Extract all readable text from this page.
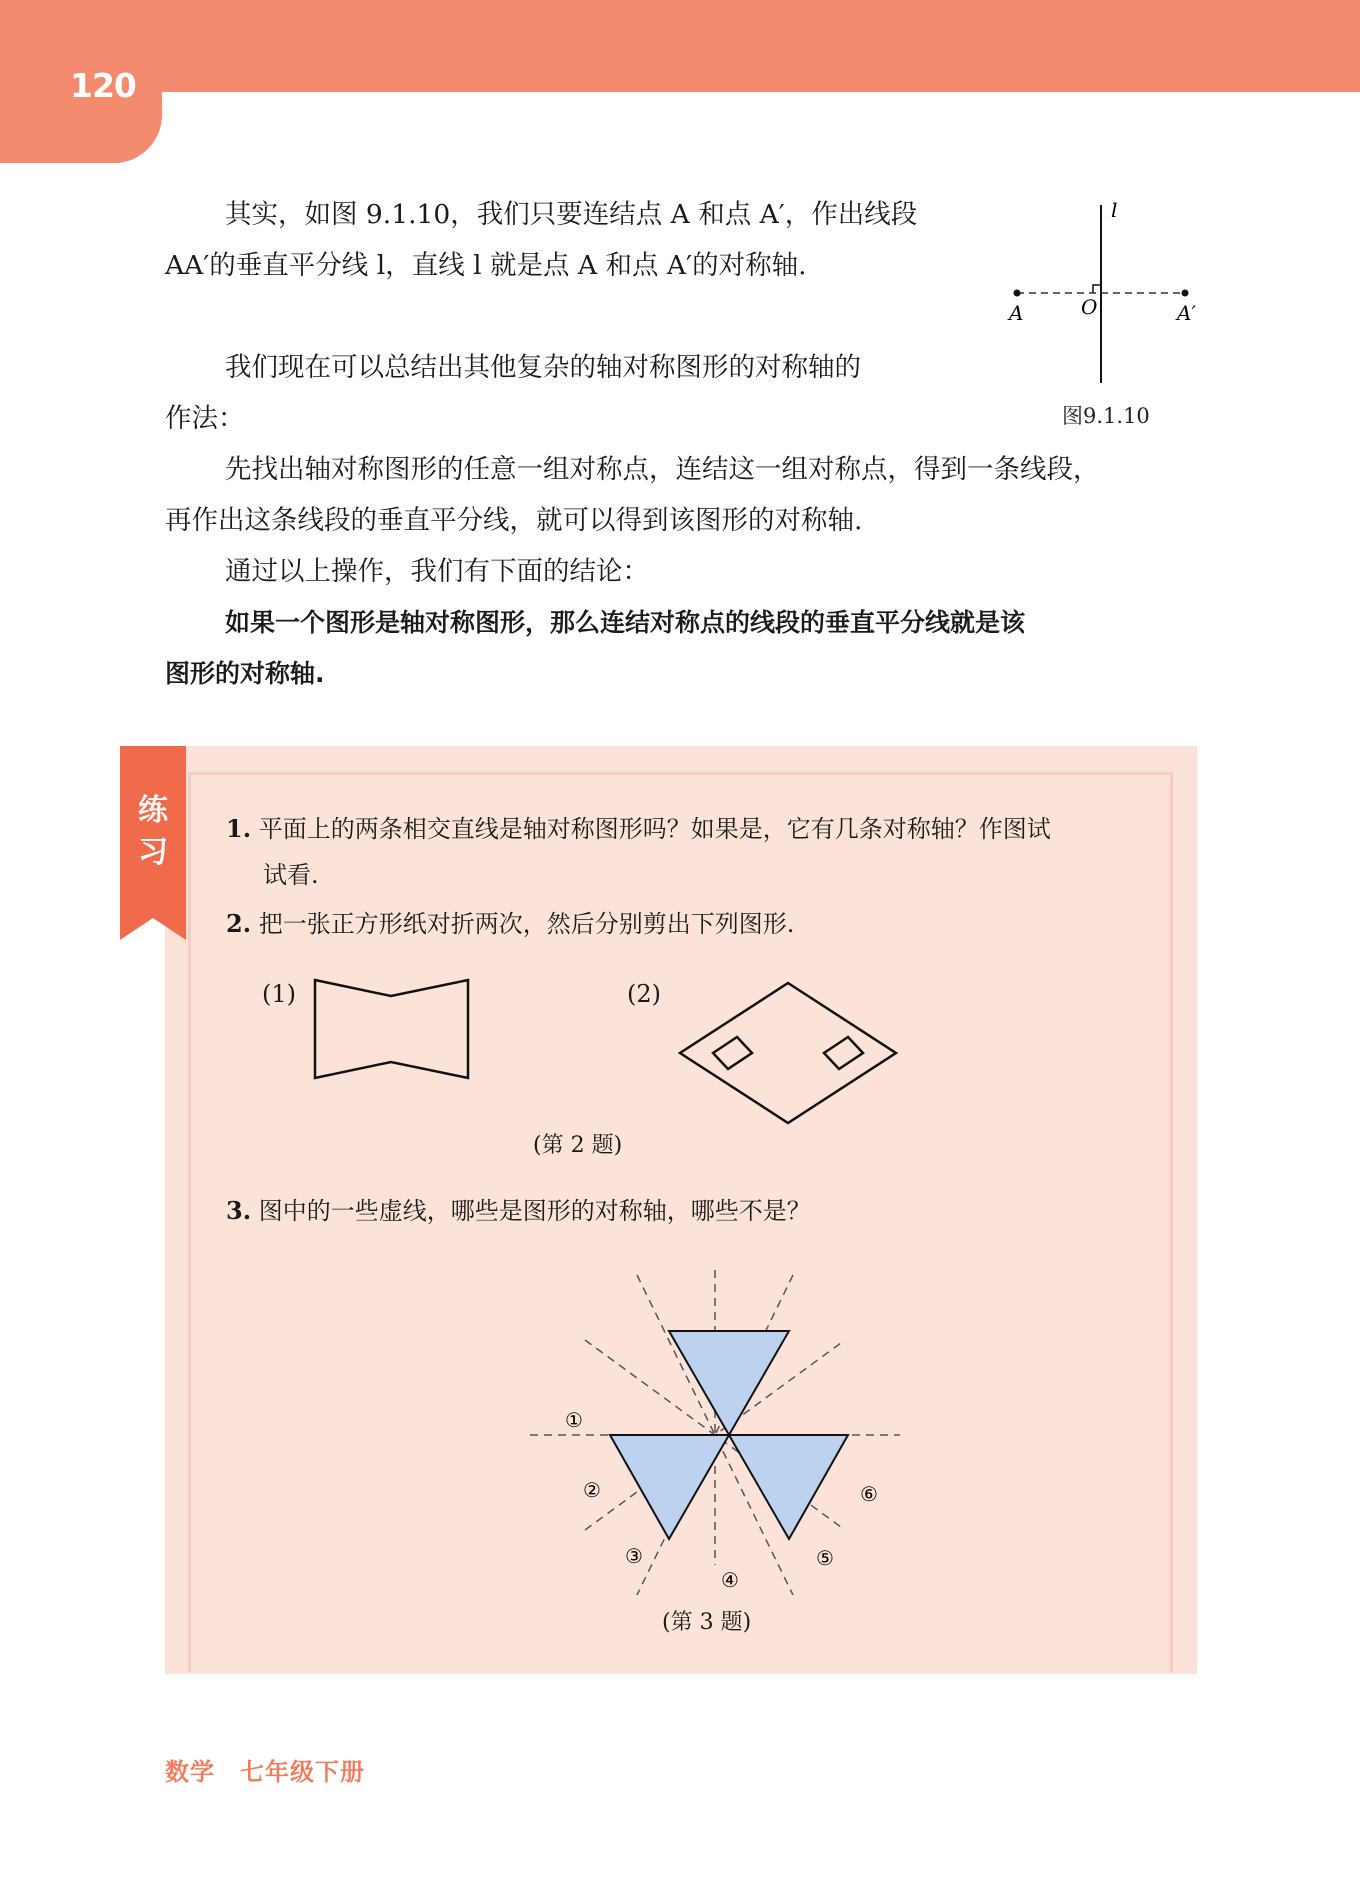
120

其实，如图 9.1.10，我们只要连结点 A 和点 A′，作出线段

AA′的垂直平分线 l，直线 l 就是点 A 和点 A′的对称轴.

l
A	O	A′

图9.1.10

我们现在可以总结出其他复杂的轴对称图形的对称轴的

作法：

先找出轴对称图形的任意一组对称点，连结这一组对称点，得到一条线段，

再作出这条线段的垂直平分线，就可以得到该图形的对称轴.

通过以上操作，我们有下面的结论：

如果一个图形是轴对称图形，那么连结对称点的线段的垂直平分线就是该

图形的对称轴.

练
习

1. 平面上的两条相交直线是轴对称图形吗？如果是，它有几条对称轴？作图试

试看.

2. 把一张正方形纸对折两次，然后分别剪出下列图形.

(1)	(2)

(第 2 题)

3. 图中的一些虚线，哪些是图形的对称轴，哪些不是？

①
②
③
④
⑤
⑥

(第 3 题)

数学　七年级下册
